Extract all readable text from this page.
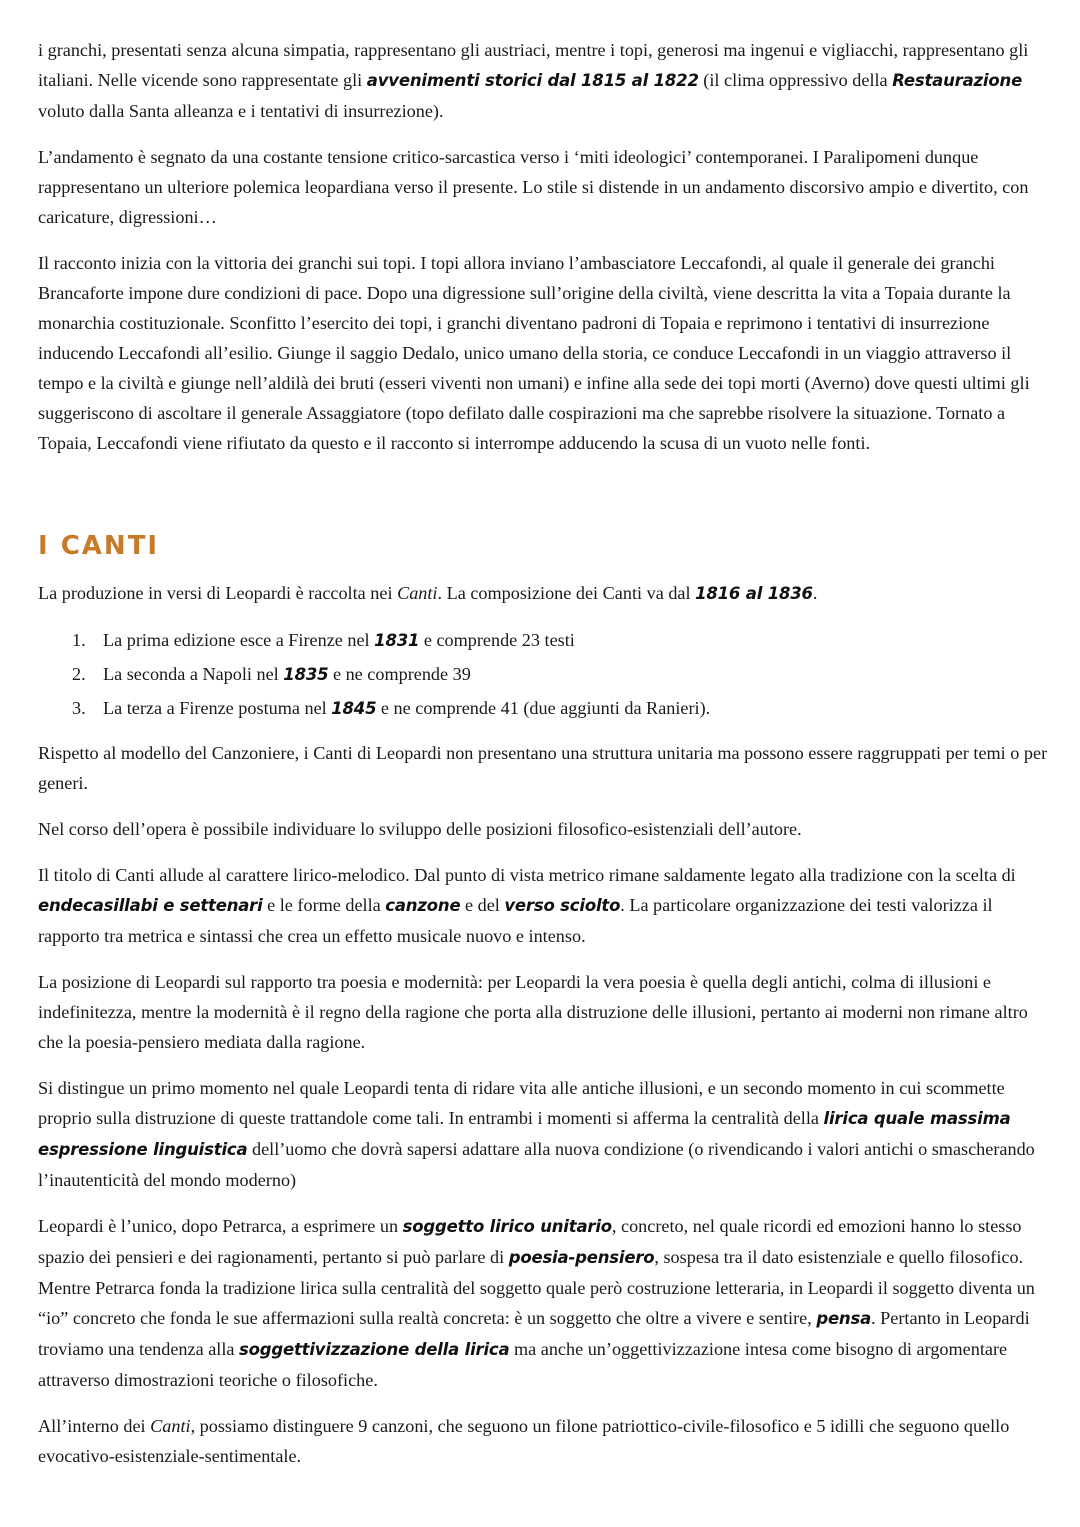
i granchi, presentati senza alcuna simpatia, rappresentano gli austriaci, mentre i topi, generosi ma ingenui e vigliacchi, rappresentano gli italiani. Nelle vicende sono rappresentate gli avvenimenti storici dal 1815 al 1822 (il clima oppressivo della Restaurazione voluto dalla Santa alleanza e i tentativi di insurrezione).

L’andamento è segnato da una costante tensione critico-sarcastica verso i ‘miti ideologici’ contemporanei. I Paralipomeni dunque rappresentano un ulteriore polemica leopardiana verso il presente. Lo stile si distende in un andamento discorsivo ampio e divertito, con caricature, digressioni…

Il racconto inizia con la vittoria dei granchi sui topi. I topi allora inviano l’ambasciatore Leccafondi, al quale il generale dei granchi Brancaforte impone dure condizioni di pace. Dopo una digressione sull’origine della civiltà, viene descritta la vita a Topaia durante la monarchia costituzionale. Sconfitto l’esercito dei topi, i granchi diventano padroni di Topaia e reprimono i tentativi di insurrezione inducendo Leccafondi all’esilio. Giunge il saggio Dedalo, unico umano della storia, ce conduce Leccafondi in un viaggio attraverso il tempo e la civiltà e giunge nell’aldilà dei bruti (esseri viventi non umani) e infine alla sede dei topi morti (Averno) dove questi ultimi gli suggeriscono di ascoltare il generale Assaggiatore (topo defilato dalle cospirazioni ma che saprebbe risolvere la situazione. Tornato a Topaia, Leccafondi viene rifiutato da questo e il racconto si interrompe adducendo la scusa di un vuoto nelle fonti.

I CANTI

La produzione in versi di Leopardi è raccolta nei Canti. La composizione dei Canti va dal 1816 al 1836.

1. La prima edizione esce a Firenze nel 1831 e comprende 23 testi
2. La seconda a Napoli nel 1835 e ne comprende 39
3. La terza a Firenze postuma nel 1845 e ne comprende 41 (due aggiunti da Ranieri).

Rispetto al modello del Canzoniere, i Canti di Leopardi non presentano una struttura unitaria ma possono essere raggruppati per temi o per generi.

Nel corso dell’opera è possibile individuare lo sviluppo delle posizioni filosofico-esistenziali dell’autore.

Il titolo di Canti allude al carattere lirico-melodico. Dal punto di vista metrico rimane saldamente legato alla tradizione con la scelta di endecasillabi e settenari e le forme della canzone e del verso sciolto. La particolare organizzazione dei testi valorizza il rapporto tra metrica e sintassi che crea un effetto musicale nuovo e intenso.

La posizione di Leopardi sul rapporto tra poesia e modernità: per Leopardi la vera poesia è quella degli antichi, colma di illusioni e indefinitezza, mentre la modernità è il regno della ragione che porta alla distruzione delle illusioni, pertanto ai moderni non rimane altro che la poesia-pensiero mediata dalla ragione.

Si distingue un primo momento nel quale Leopardi tenta di ridare vita alle antiche illusioni, e un secondo momento in cui scommette proprio sulla distruzione di queste trattandole come tali. In entrambi i momenti si afferma la centralità della lirica quale massima espressione linguistica dell’uomo che dovrà sapersi adattare alla nuova condizione (o rivendicando i valori antichi o smascherando l’inautenticità del mondo moderno)

Leopardi è l’unico, dopo Petrarca, a esprimere un soggetto lirico unitario, concreto, nel quale ricordi ed emozioni hanno lo stesso spazio dei pensieri e dei ragionamenti, pertanto si può parlare di poesia-pensiero, sospesa tra il dato esistenziale e quello filosofico. Mentre Petrarca fonda la tradizione lirica sulla centralità del soggetto quale però costruzione letteraria, in Leopardi il soggetto diventa un “io” concreto che fonda le sue affermazioni sulla realtà concreta: è un soggetto che oltre a vivere e sentire, pensa. Pertanto in Leopardi troviamo una tendenza alla soggettivizzazione della lirica ma anche un’oggettivizzazione intesa come bisogno di argomentare attraverso dimostrazioni teoriche o filosofiche.

All’interno dei Canti, possiamo distinguere 9 canzoni, che seguono un filone patriottico-civile-filosofico e 5 idilli che seguono quello evocativo-esistenziale-sentimentale.
